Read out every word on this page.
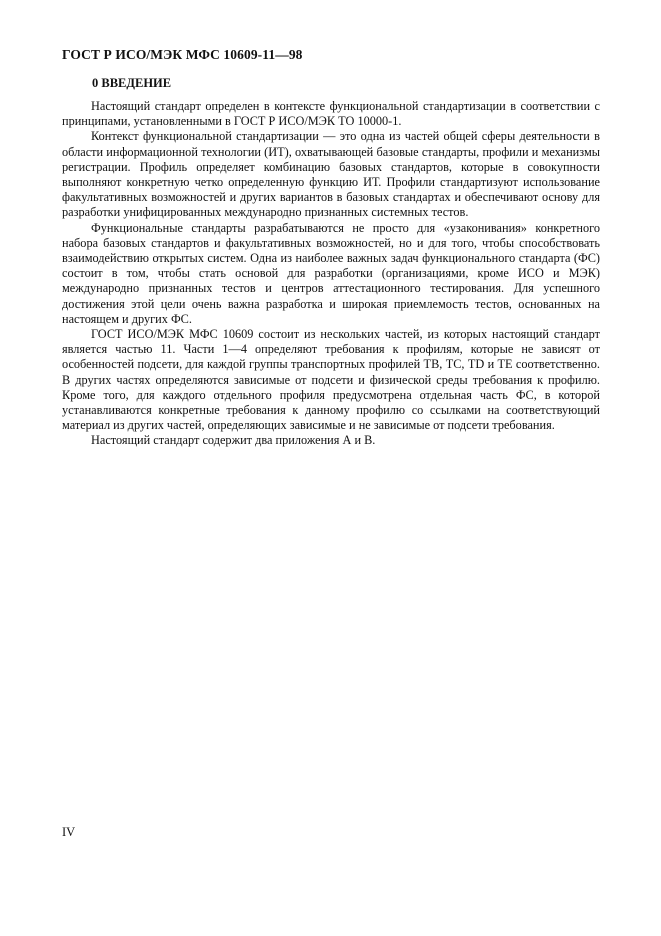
ГОСТ Р ИСО/МЭК МФС 10609-11—98
0 ВВЕДЕНИЕ

Настоящий стандарт определен в контексте функциональной стандартизации в соответствии с принципами, установленными в ГОСТ Р ИСО/МЭК ТО 10000-1.

Контекст функциональной стандартизации — это одна из частей общей сферы деятельности в области информационной технологии (ИТ), охватывающей базовые стандарты, профили и механизмы регистрации. Профиль определяет комбинацию базовых стандартов, которые в совокупности выполняют конкретную четко определенную функцию ИТ. Профили стандартизуют использование факультативных возможностей и других вариантов в базовых стандартах и обеспечивают основу для разработки унифицированных международно признанных системных тестов.

Функциональные стандарты разрабатываются не просто для «узаконивания» конкретного набора базовых стандартов и факультативных возможностей, но и для того, чтобы способствовать взаимодействию открытых систем. Одна из наиболее важных задач функционального стандарта (ФС) состоит в том, чтобы стать основой для разработки (организациями, кроме ИСО и МЭК) международно признанных тестов и центров аттестационного тестирования. Для успешного достижения этой цели очень важна разработка и широкая приемлемость тестов, основанных на настоящем и других ФС.

ГОСТ ИСО/МЭК МФС 10609 состоит из нескольких частей, из которых настоящий стандарт является частью 11. Части 1—4 определяют требования к профилям, которые не зависят от особенностей подсети, для каждой группы транспортных профилей ТВ, ТС, TD и ТЕ соответственно. В других частях определяются зависимые от подсети и физической среды требования к профилю. Кроме того, для каждого отдельного профиля предусмотрена отдельная часть ФС, в которой устанавливаются конкретные требования к данному профилю со ссылками на соответствующий материал из других частей, определяющих зависимые и не зависимые от подсети требования.

Настоящий стандарт содержит два приложения А и В.

IV
